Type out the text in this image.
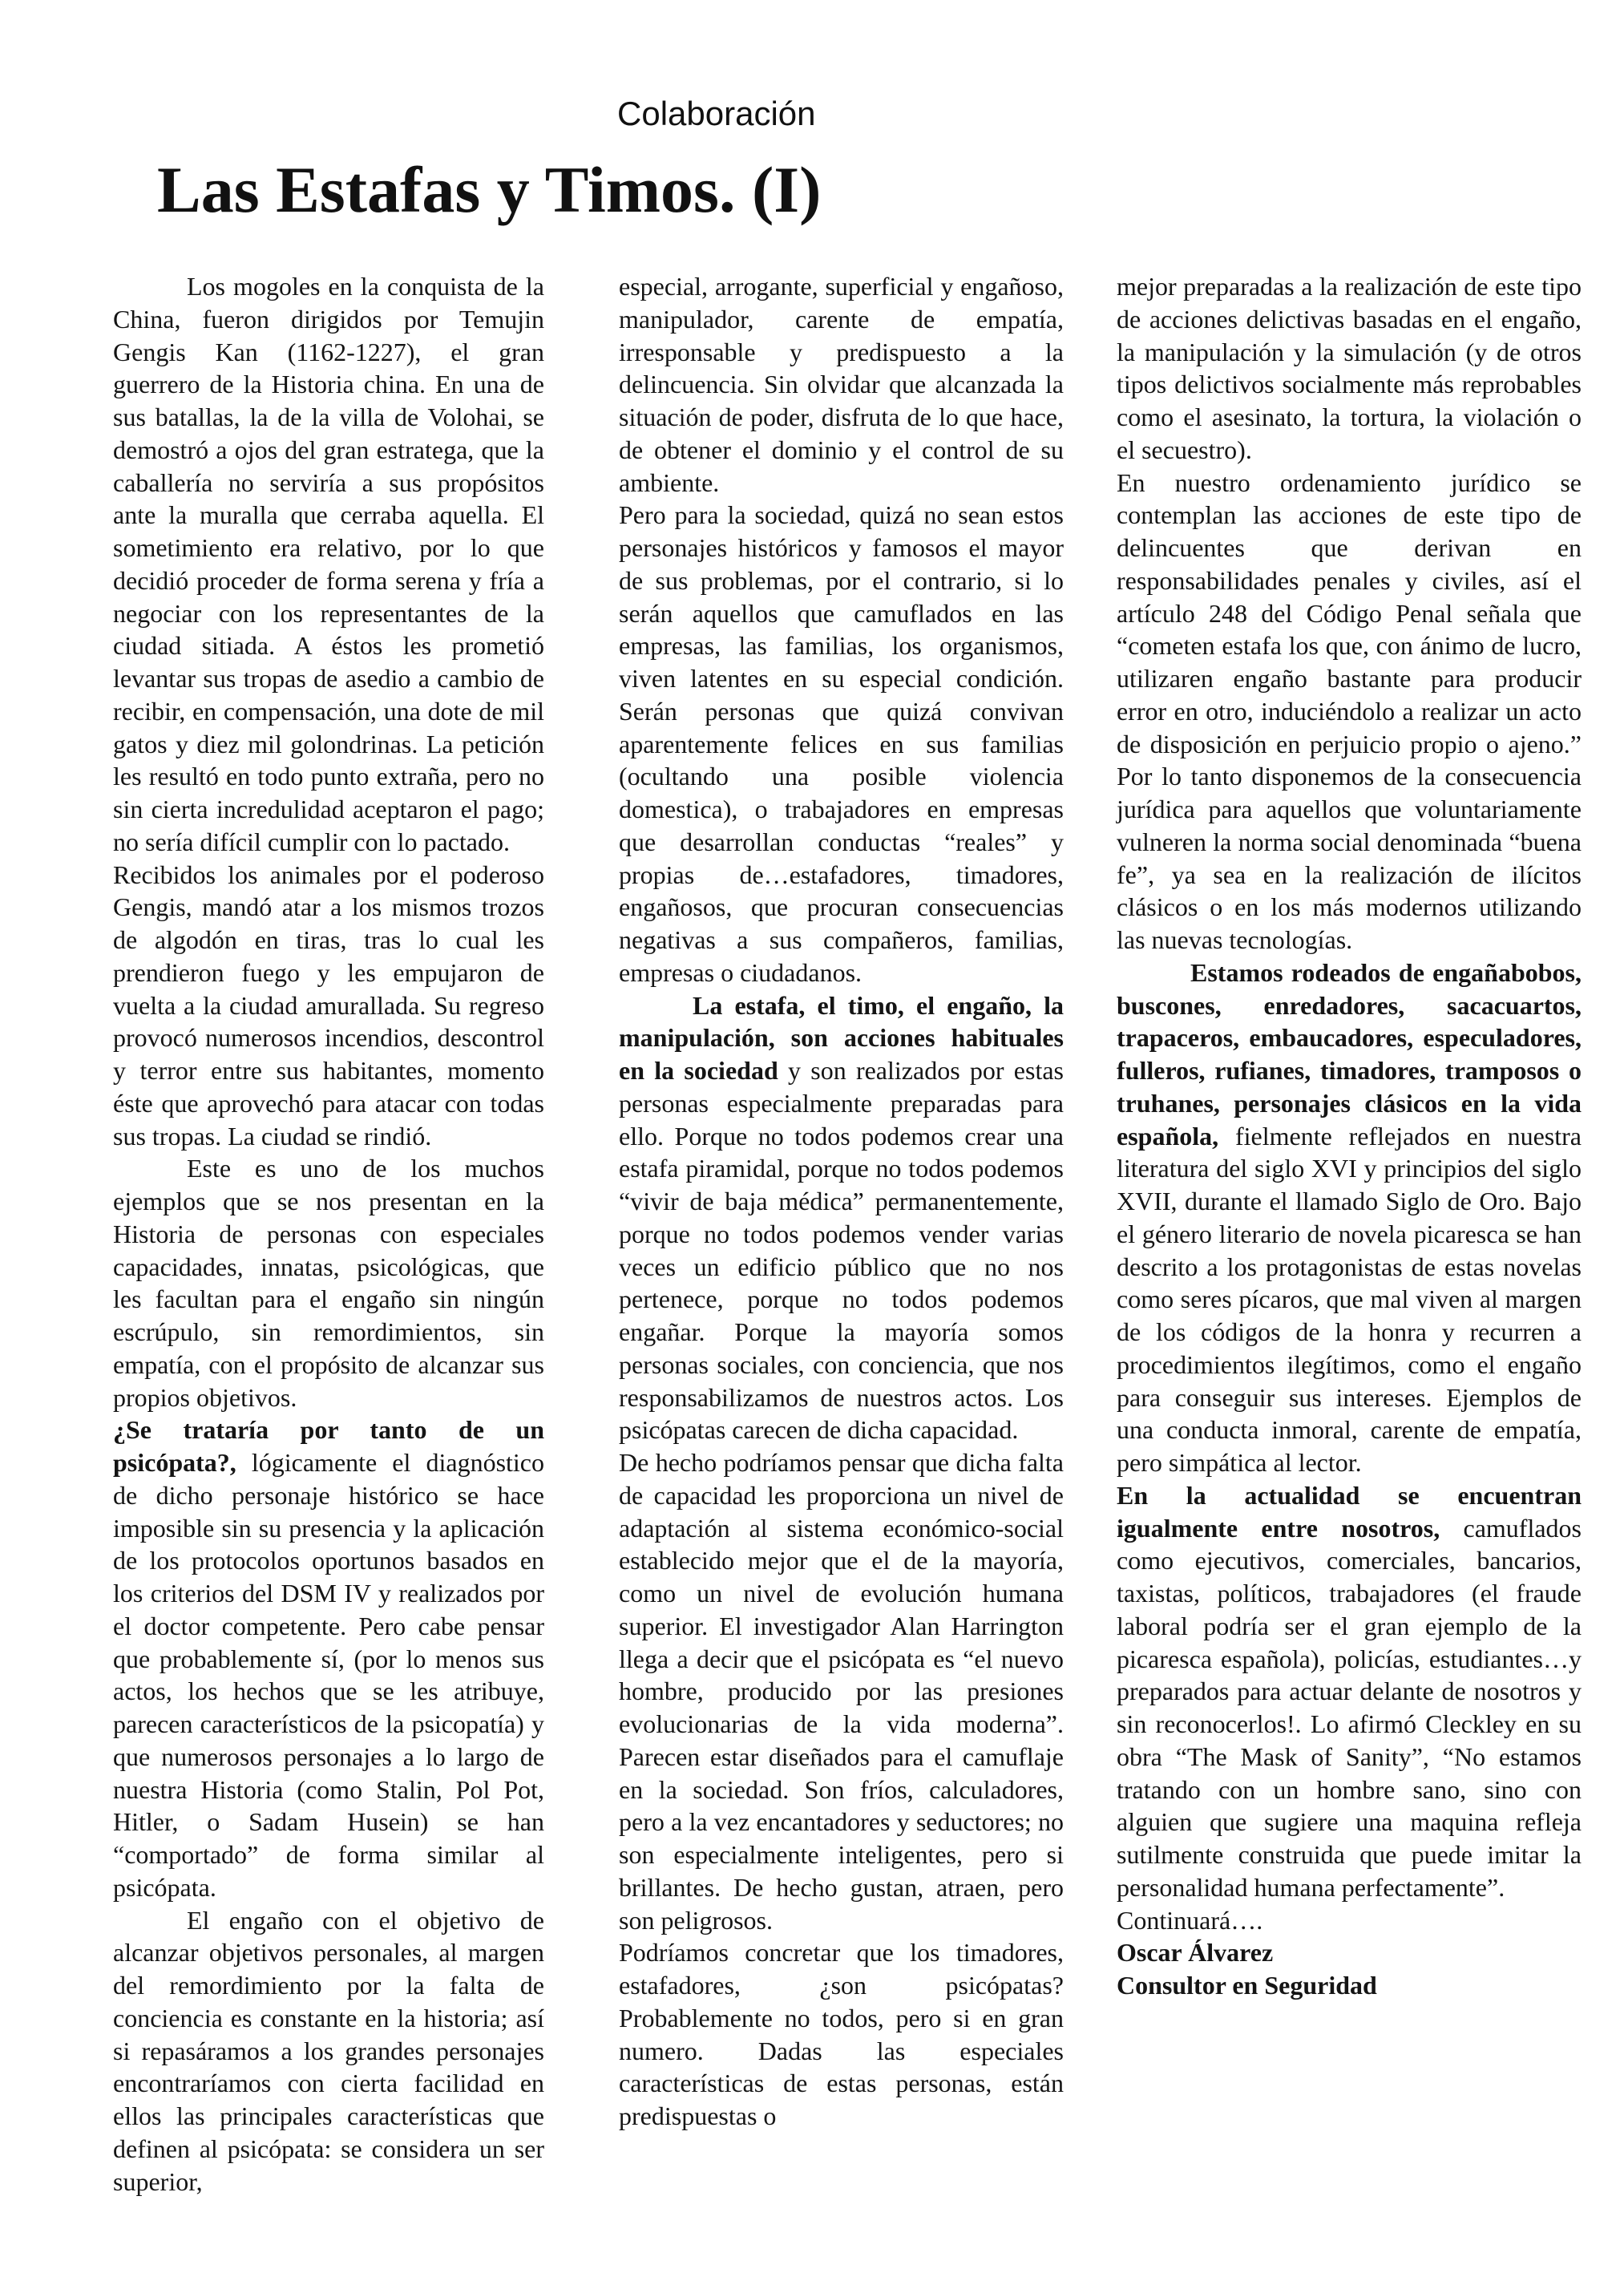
Colaboración
Las Estafas y Timos. (I)

Los mogoles en la conquista de la China, fueron dirigidos por Temujin Gengis Kan (1162-1227), el gran guerrero de la Historia china. En una de sus batallas, la de la villa de Volohai, se demostró a ojos del gran estratega, que la caballería no serviría a sus propósitos ante la muralla que cerraba aquella. El sometimiento era relativo, por lo que decidió proceder de forma serena y fría a negociar con los representantes de la ciudad sitiada. A éstos les prometió levantar sus tropas de asedio a cambio de recibir, en compensación, una dote de mil gatos y diez mil golondrinas. La petición les resultó en todo punto extraña, pero no sin cierta incredulidad aceptaron el pago; no sería difícil cumplir con lo pactado.

Recibidos los animales por el poderoso Gengis, mandó atar a los mismos trozos de algodón en tiras, tras lo cual les prendieron fuego y les empujaron de vuelta a la ciudad amurallada. Su regreso provocó numerosos incendios, descontrol y terror entre sus habitantes, momento éste que aprovechó para atacar con todas sus tropas. La ciudad se rindió.

Este es uno de los muchos ejemplos que se nos presentan en la Historia de personas con especiales capacidades, innatas, psicológicas, que les facultan para el engaño sin ningún escrúpulo, sin remordimientos, sin empatía, con el propósito de alcanzar sus propios objetivos.

¿Se trataría por tanto de un psicópata?, lógicamente el diagnóstico de dicho personaje histórico se hace imposible sin su presencia y la aplicación de los protocolos oportunos basados en los criterios del DSM IV y realizados por el doctor competente. Pero cabe pensar que probablemente sí, (por lo menos sus actos, los hechos que se les atribuye, parecen característicos de la psicopatía) y que numerosos personajes a lo largo de nuestra Historia (como Stalin, Pol Pot, Hitler, o Sadam Husein) se han “comportado” de forma similar al psicópata.

El engaño con el objetivo de alcanzar objetivos personales, al margen del remordimiento por la falta de conciencia es constante en la historia; así si repasáramos a los grandes personajes encontraríamos con cierta facilidad en ellos las principales características que definen al psicópata: se considera un ser superior,

especial, arrogante, superficial y engañoso, manipulador, carente de empatía, irresponsable y predispuesto a la delincuencia. Sin olvidar que alcanzada la situación de poder, disfruta de lo que hace, de obtener el dominio y el control de su ambiente.

Pero para la sociedad, quizá no sean estos personajes históricos y famosos el mayor de sus problemas, por el contrario, si lo serán aquellos que camuflados en las empresas, las familias, los organismos, viven latentes en su especial condición. Serán personas que quizá convivan aparentemente felices en sus familias (ocultando una posible violencia domestica), o trabajadores en empresas que desarrollan conductas “reales” y propias de…estafadores, timadores, engañosos, que procuran consecuencias negativas a sus compañeros, familias, empresas o ciudadanos.

La estafa, el timo, el engaño, la manipulación, son acciones habituales en la sociedad y son realizados por estas personas especialmente preparadas para ello. Porque no todos podemos crear una estafa piramidal, porque no todos podemos “vivir de baja médica” permanentemente, porque no todos podemos vender varias veces un edificio público que no nos pertenece, porque no todos podemos engañar. Porque la mayoría somos personas sociales, con conciencia, que nos responsabilizamos de nuestros actos. Los psicópatas carecen de dicha capacidad.

De hecho podríamos pensar que dicha falta de capacidad les proporciona un nivel de adaptación al sistema económico-social establecido mejor que el de la mayoría, como un nivel de evolución humana superior. El investigador Alan Harrington llega a decir que el psicópata es “el nuevo hombre, producido por las presiones evolucionarias de la vida moderna”. Parecen estar diseñados para el camuflaje en la sociedad. Son fríos, calculadores, pero a la vez encantadores y seductores; no son especialmente inteligentes, pero si brillantes. De hecho gustan, atraen, pero son peligrosos.

Podríamos concretar que los timadores, estafadores, ¿son psicópatas? Probablemente no todos, pero si en gran numero. Dadas las especiales características de estas personas, están predispuestas o

mejor preparadas a la realización de este tipo de acciones delictivas basadas en el engaño, la manipulación y la simulación (y de otros tipos delictivos socialmente más reprobables como el asesinato, la tortura, la violación o el secuestro).

En nuestro ordenamiento jurídico se contemplan las acciones de este tipo de delincuentes que derivan en responsabilidades penales y civiles, así el artículo 248 del Código Penal señala que “cometen estafa los que, con ánimo de lucro, utilizaren engaño bastante para producir error en otro, induciéndolo a realizar un acto de disposición en perjuicio propio o ajeno.” Por lo tanto disponemos de la consecuencia jurídica para aquellos que voluntariamente vulneren la norma social denominada “buena fe”, ya sea en la realización de ilícitos clásicos o en los más modernos utilizando las nuevas tecnologías.

Estamos rodeados de engañabobos, buscones, enredadores, sacacuartos, trapaceros, embaucadores, especuladores, fulleros, rufianes, timadores, tramposos o truhanes, personajes clásicos en la vida española, fielmente reflejados en nuestra literatura del siglo XVI y principios del siglo XVII, durante el llamado Siglo de Oro. Bajo el género literario de novela picaresca se han descrito a los protagonistas de estas novelas como seres pícaros, que mal viven al margen de los códigos de la honra y recurren a procedimientos ilegítimos, como el engaño para conseguir sus intereses. Ejemplos de una conducta inmoral, carente de empatía, pero simpática al lector.

En la actualidad se encuentran igualmente entre nosotros, camuflados como ejecutivos, comerciales, bancarios, taxistas, políticos, trabajadores (el fraude laboral podría ser el gran ejemplo de la picaresca española), policías, estudiantes…y preparados para actuar delante de nosotros y sin reconocerlos!. Lo afirmó Cleckley en su obra “The Mask of Sanity”, “No estamos tratando con un hombre sano, sino con alguien que sugiere una maquina refleja sutilmente construida que puede imitar la personalidad humana perfectamente”.

Continuará….

Oscar Álvarez

Consultor en Seguridad
